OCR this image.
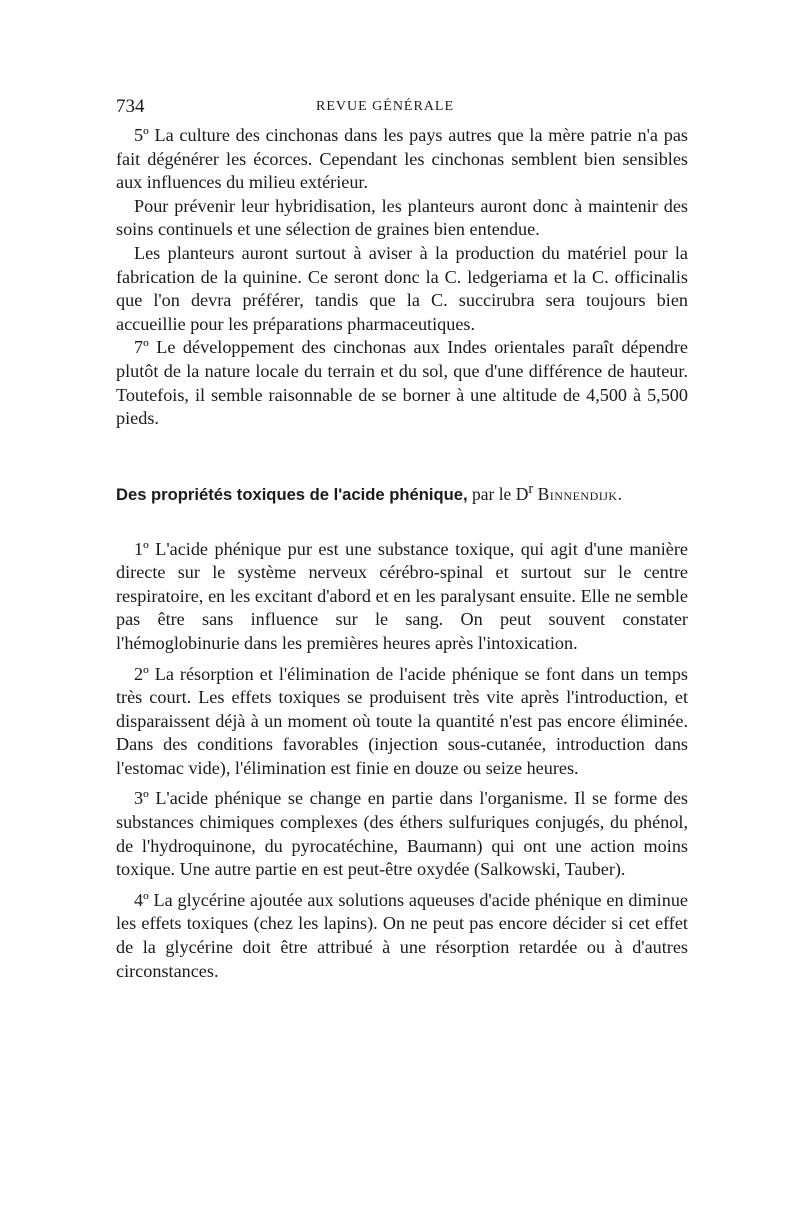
734	REVUE GÉNÉRALE

5º La culture des cinchonas dans les pays autres que la mère patrie n'a pas fait dégénérer les écorces. Cependant les cinchonas semblent bien sensibles aux influences du milieu extérieur.

Pour prévenir leur hybridisation, les planteurs auront donc à maintenir des soins continuels et une sélection de graines bien entendue.

Les planteurs auront surtout à aviser à la production du matériel pour la fabrication de la quinine. Ce seront donc la C. ledgeriama et la C. officinalis que l'on devra préférer, tandis que la C. succirubra sera toujours bien accueillie pour les préparations pharmaceutiques.

7º Le développement des cinchonas aux Indes orientales paraît dépendre plutôt de la nature locale du terrain et du sol, que d'une différence de hauteur. Toutefois, il semble raisonnable de se borner à une altitude de 4,500 à 5,500 pieds.

Des propriétés toxiques de l'acide phénique, par le $D^r$ Binnendijk.

1º L'acide phénique pur est une substance toxique, qui agit d'une manière directe sur le système nerveux cérébro-spinal et surtout sur le centre respiratoire, en les excitant d'abord et en les paralysant ensuite. Elle ne semble pas être sans influence sur le sang. On peut souvent constater l'hémoglobinurie dans les premières heures après l'intoxication.

2º La résorption et l'élimination de l'acide phénique se font dans un temps très court. Les effets toxiques se produisent très vite après l'introduction, et disparaissent déjà à un moment où toute la quantité n'est pas encore éliminée. Dans des conditions favorables (injection sous-cutanée, introduction dans l'estomac vide), l'élimination est finie en douze ou seize heures.

3º L'acide phénique se change en partie dans l'organisme. Il se forme des substances chimiques complexes (des éthers sulfuriques conjugés, du phénol, de l'hydroquinone, du pyrocatéchine, Baumann) qui ont une action moins toxique. Une autre partie en est peut-être oxydée (Salkowski, Tauber).

4º La glycérine ajoutée aux solutions aqueuses d'acide phénique en diminue les effets toxiques (chez les lapins). On ne peut pas encore décider si cet effet de la glycérine doit être attribué à une résorption retardée ou à d'autres circonstances.
